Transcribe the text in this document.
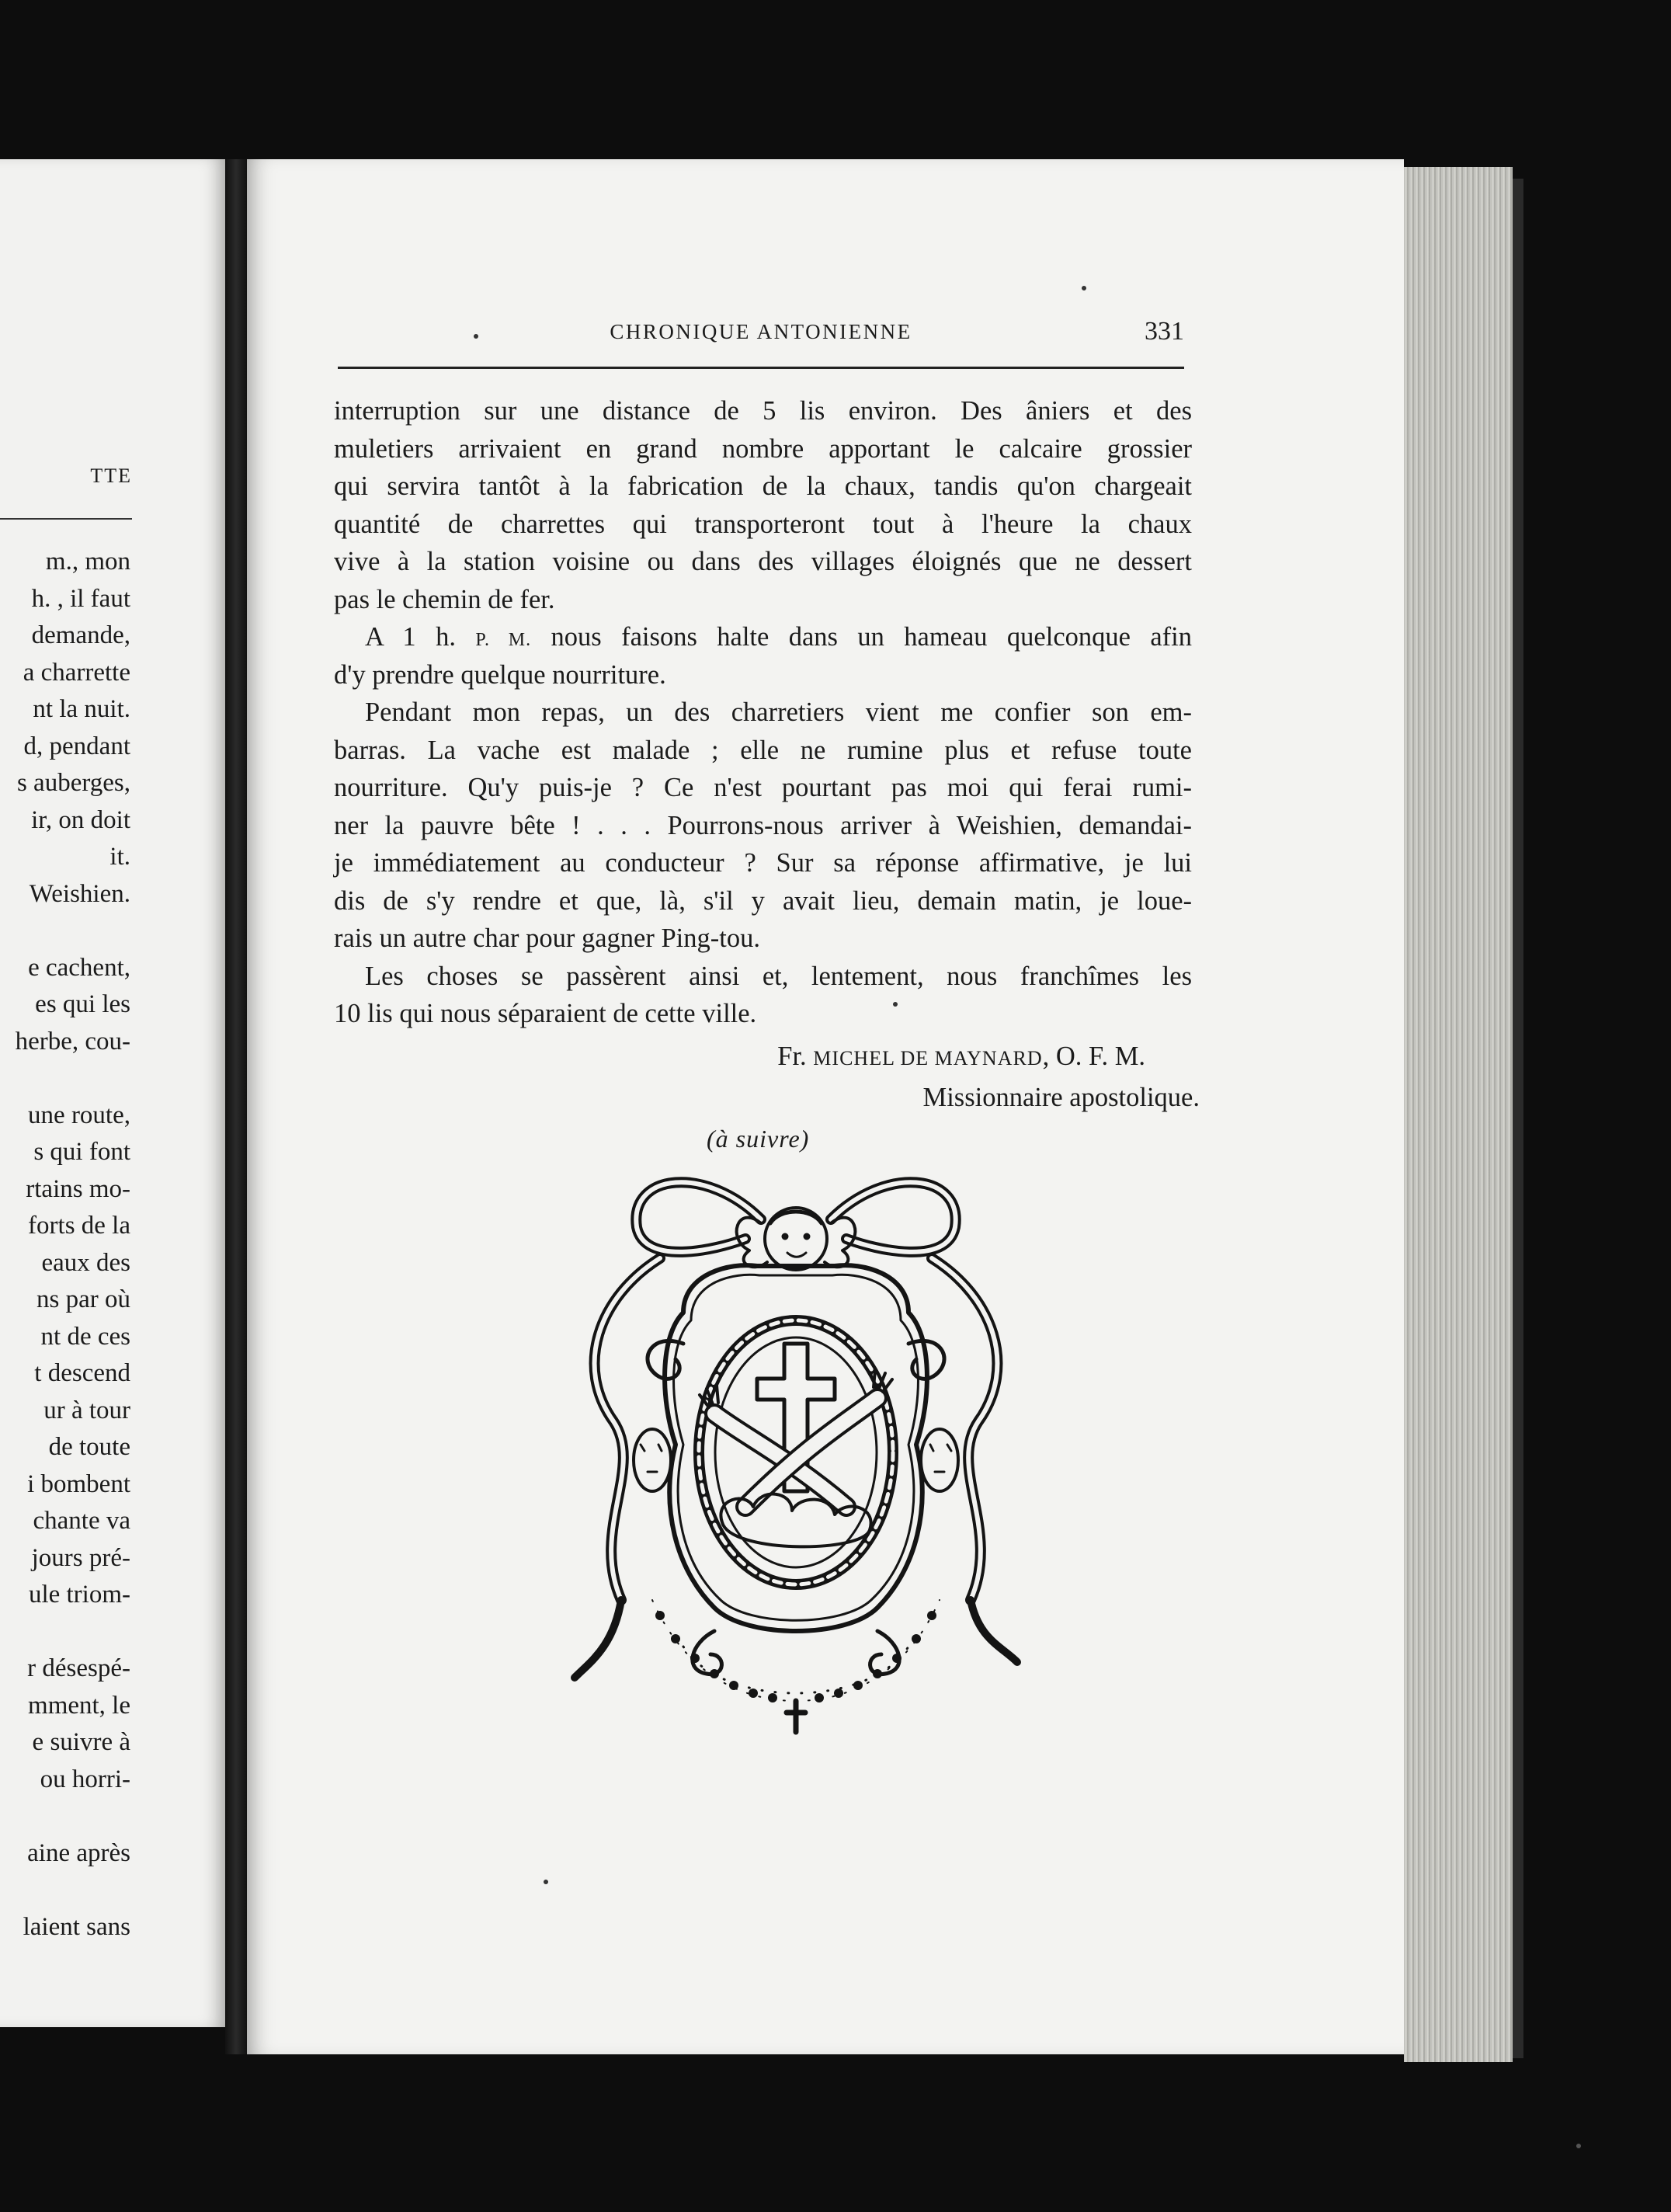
TTE
m., mon
h. , il faut
demande,
a charrette
nt la nuit.
d, pendant
s auberges,
ir, on doit
it.
Weishien.
e cachent,
es qui les
herbe, cou-
une route,
s qui font
rtains mo-
forts de la
eaux des
ns par où
nt de ces
t descend
ur à tour
de toute
i bombent
chante va
jours pré-
ule triom-
r désespé-
mment, le
e suivre à
ou horri-
aine après
laient sans
CHRONIQUE ANTONIENNE	331
interruption sur une distance de 5 lis environ. Des âniers et des
muletiers arrivaient en grand nombre apportant le calcaire grossier
qui servira tantôt à la fabrication de la chaux, tandis qu'on chargeait
quantité de charrettes qui transporteront tout à l'heure la chaux
vive à la station voisine ou dans des villages éloignés que ne dessert
pas le chemin de fer.
A 1 h. P. M. nous faisons halte dans un hameau quelconque afin
d'y prendre quelque nourriture.
Pendant mon repas, un des charretiers vient me confier son em-
barras. La vache est malade ; elle ne rumine plus et refuse toute
nourriture. Qu'y puis-je ? Ce n'est pourtant pas moi qui ferai rumi-
ner la pauvre bête ! . . . Pourrons-nous arriver à Weishien, demandai-
je immédiatement au conducteur ? Sur sa réponse affirmative, je lui
dis de s'y rendre et que, là, s'il y avait lieu, demain matin, je loue-
rais un autre char pour gagner Ping-tou.
Les choses se passèrent ainsi et, lentement, nous franchîmes les
10 lis qui nous séparaient de cette ville.
Fr. MICHEL DE MAYNARD, O. F. M.
Missionnaire apostolique.
(à suivre)
